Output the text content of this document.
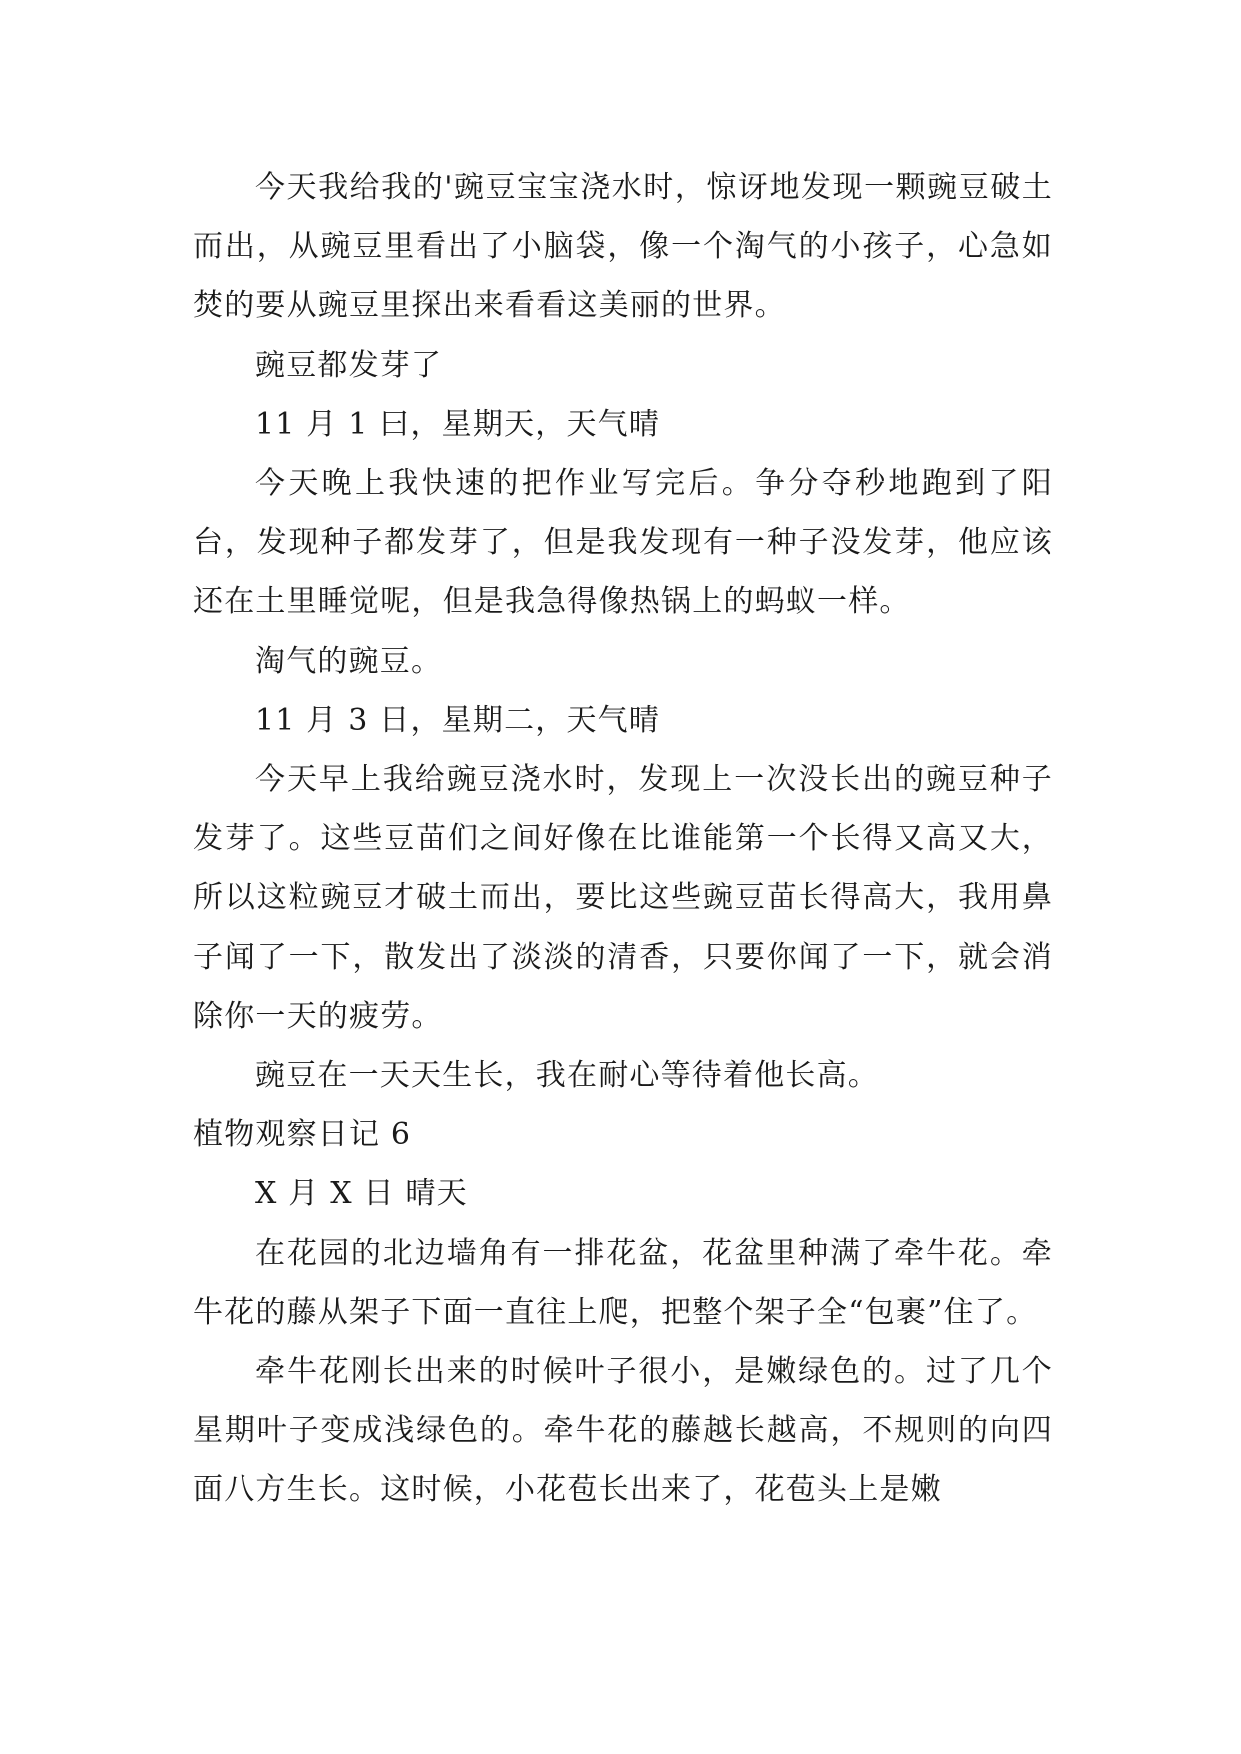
今天我给我的'豌豆宝宝浇水时，惊讶地发现一颗豌豆破土而出，从豌豆里看出了小脑袋，像一个淘气的小孩子，心急如焚的要从豌豆里探出来看看这美丽的世界。

豌豆都发芽了

11 月 1 曰，星期天，天气晴

今天晚上我快速的把作业写完后。争分夺秒地跑到了阳台，发现种子都发芽了，但是我发现有一种子没发芽，他应该还在土里睡觉呢，但是我急得像热锅上的蚂蚁一样。

淘气的豌豆。

11 月 3 日，星期二，天气晴

今天早上我给豌豆浇水时，发现上一次没长出的豌豆种子发芽了。这些豆苗们之间好像在比谁能第一个长得又高又大，所以这粒豌豆才破土而出，要比这些豌豆苗长得高大，我用鼻子闻了一下，散发出了淡淡的清香，只要你闻了一下，就会消除你一天的疲劳。

豌豆在一天天生长，我在耐心等待着他长高。

植物观察日记 6

X 月 X 日 晴天

在花园的北边墙角有一排花盆，花盆里种满了牵牛花。牵牛花的藤从架子下面一直往上爬，把整个架子全“包裹”住了。

牵牛花刚长出来的时候叶子很小，是嫩绿色的。过了几个星期叶子变成浅绿色的。牵牛花的藤越长越高，不规则的向四面八方生长。这时候，小花苞长出来了，花苞头上是嫩
